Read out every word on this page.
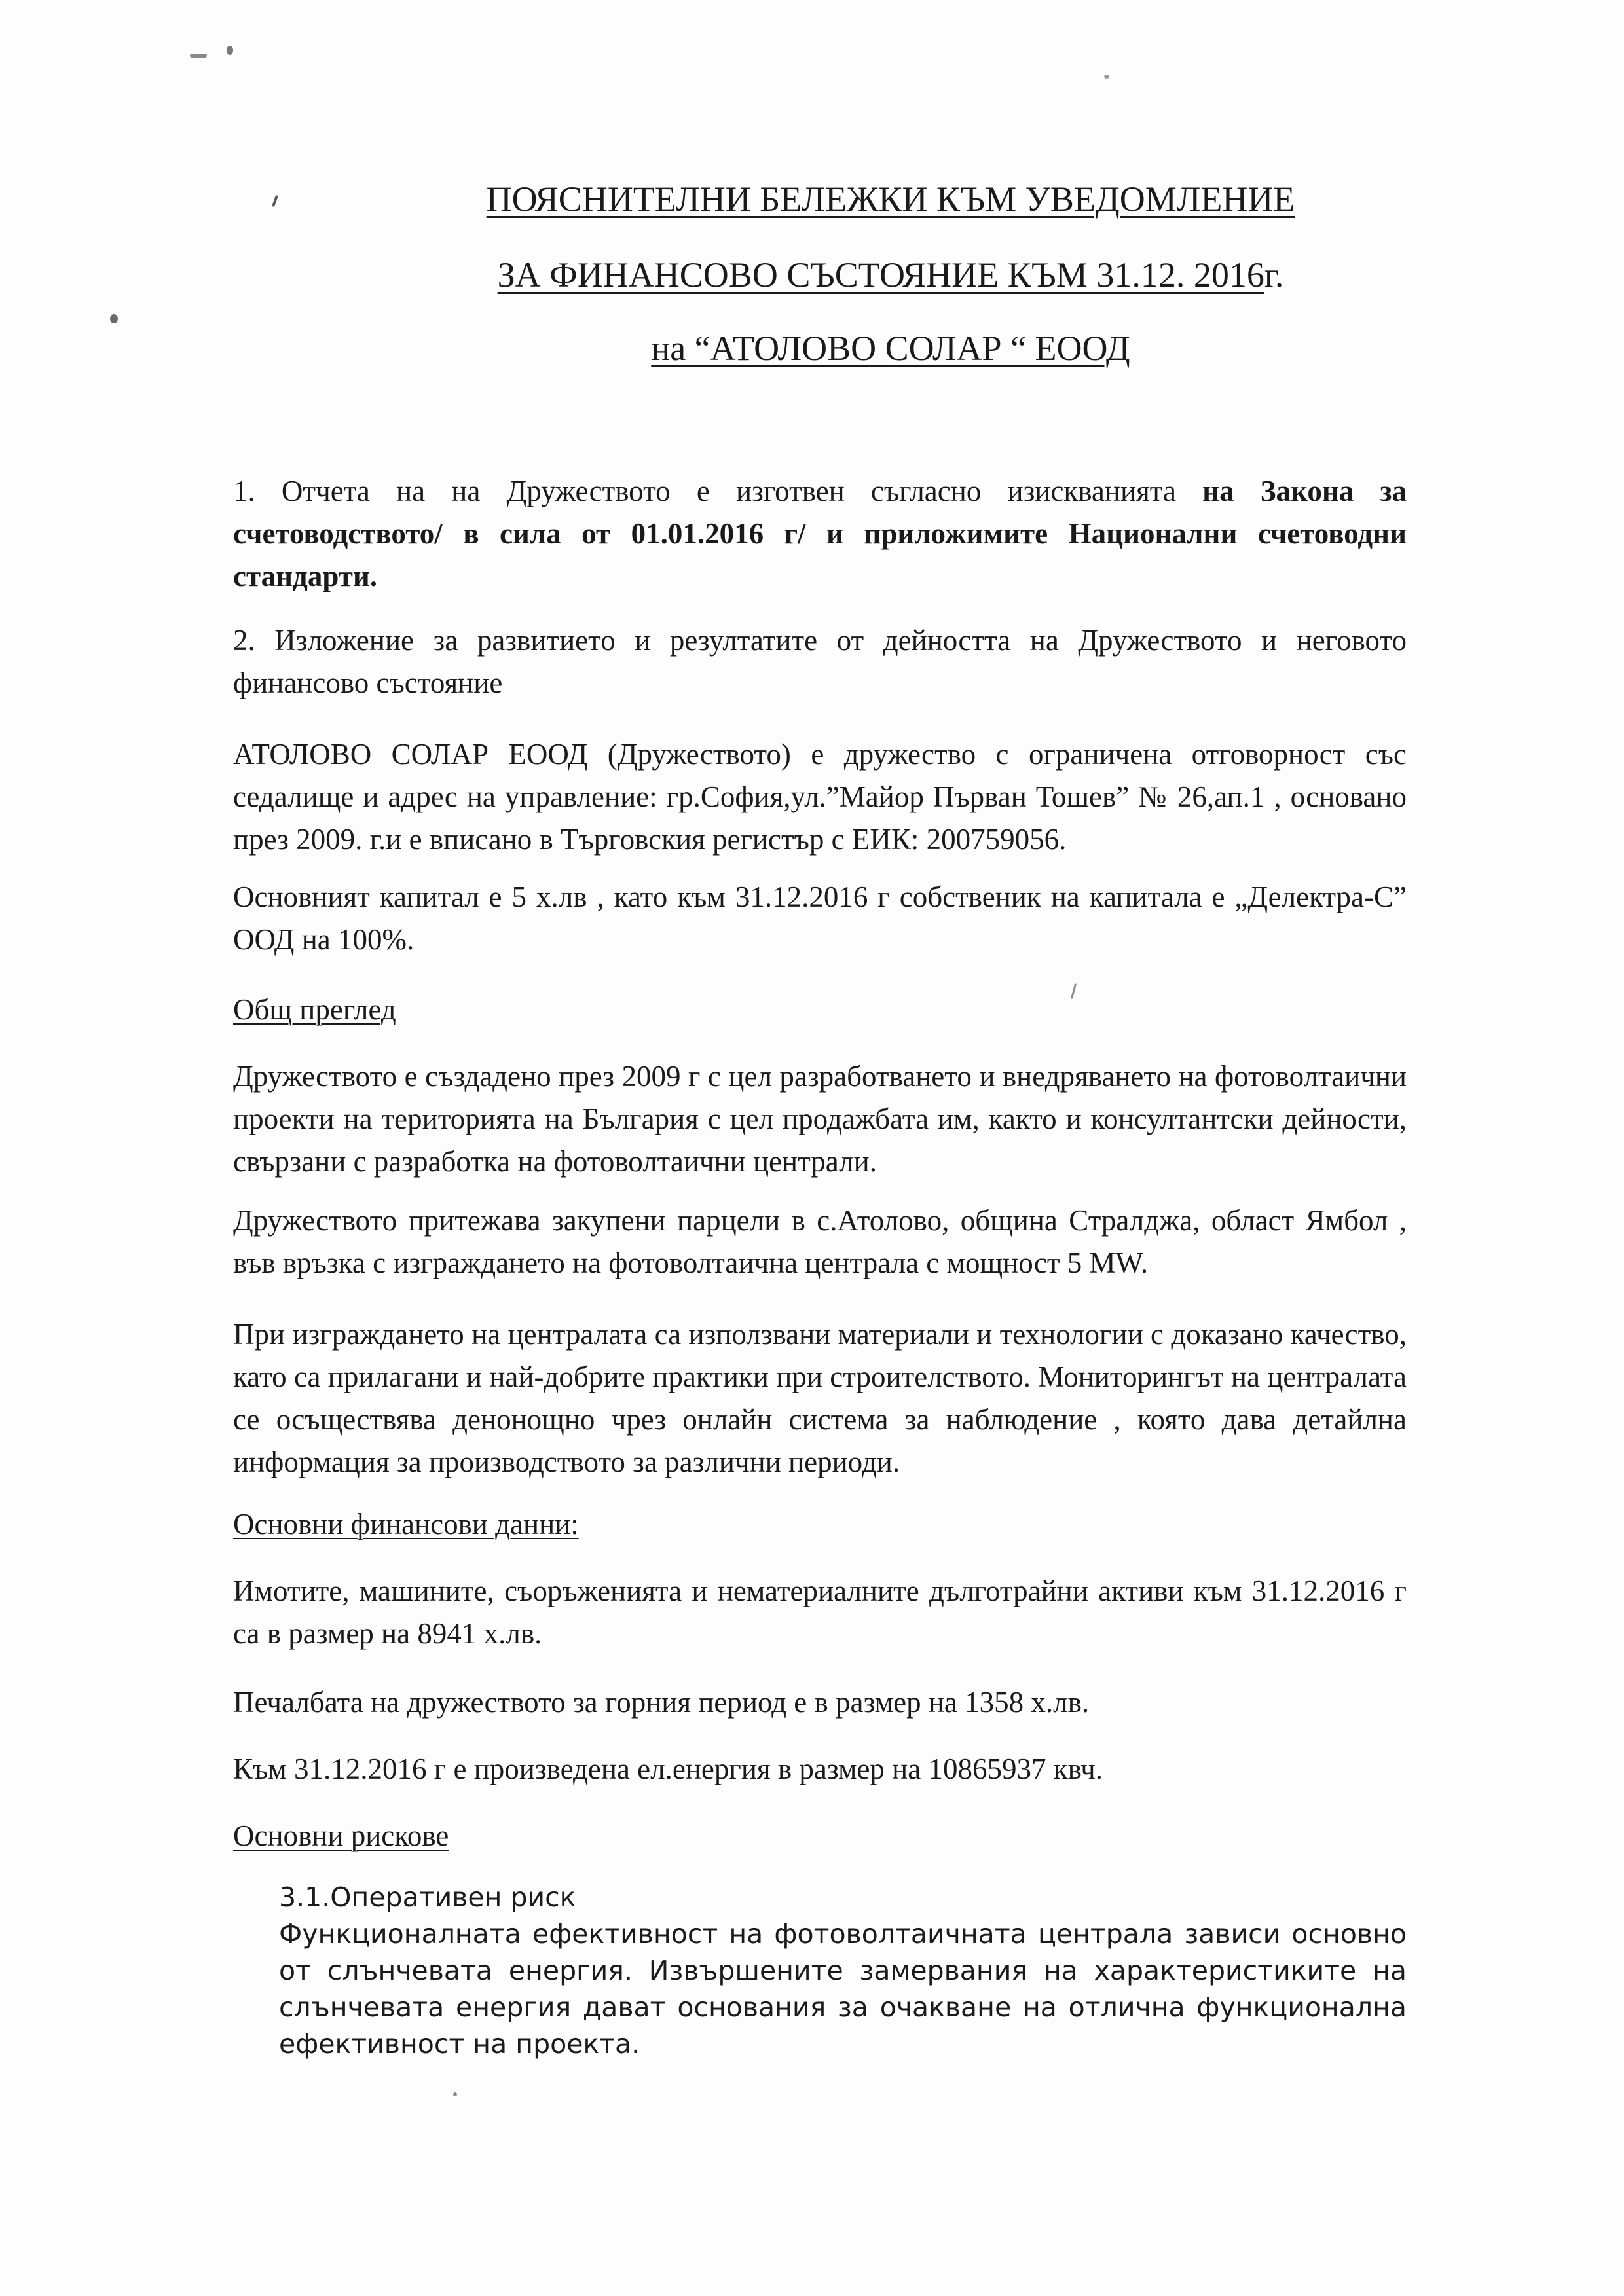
ПОЯСНИТЕЛНИ БЕЛЕЖКИ КЪМ УВЕДОМЛЕНИЕ
ЗА ФИНАНСОВО СЪСТОЯНИЕ КЪМ 31.12. 2016г.
на “АТОЛОВО СОЛАР “ ЕООД
1. Отчета на на Дружеството е изготвен съгласно изискванията на Закона за счетоводството/ в сила от 01.01.2016 г/ и приложимите Национални счетоводни стандарти.
2. Изложение за развитието и резултатите от дейността на Дружеството и неговото финансово състояние
АТОЛОВО СОЛАР ЕООД (Дружеството) е дружество с ограничена отговорност със седалище и адрес на управление: гр.София,ул.”Майор Първан Тошев” № 26,ап.1 , основано през 2009. г.и е вписано в Търговския регистър с ЕИК: 200759056.
Основният капитал е 5 х.лв , като към 31.12.2016 г собственик на капитала е „Делектра-С” ООД на 100%.
Общ преглед
Дружеството е създадено през 2009 г с цел разработването и внедряването на фотоволтаични проекти на територията на България с цел продажбата им, както и консултантски дейности, свързани с разработка на фотоволтаични централи.
Дружеството притежава закупени парцели в с.Атолово, община Стралджа, област Ямбол , във връзка с изграждането на фотоволтаична централа с мощност 5 MW.
При изграждането на централата са използвани материали и технологии с доказано качество, като са прилагани и най-добрите практики при строителството. Мониторингът на централата се осъществява денонощно чрез онлайн система за наблюдение , която дава детайлна информация за производството за различни периоди.
Основни финансови данни:
Имотите, машините, съоръженията и нематериалните дълготрайни активи към 31.12.2016 г са в размер на 8941 х.лв.
Печалбата на дружеството за горния период е в размер на 1358 х.лв.
Към 31.12.2016 г е произведена ел.енергия в размер на 10865937 квч.
Основни рискове
3.1.Оперативен риск
Функционалната ефективност на фотоволтаичната централа зависи основно от слънчевата енергия. Извършените замервания на характеристиките на слънчевата енергия дават основания за очакване на отлична функционална ефективност на проекта.
